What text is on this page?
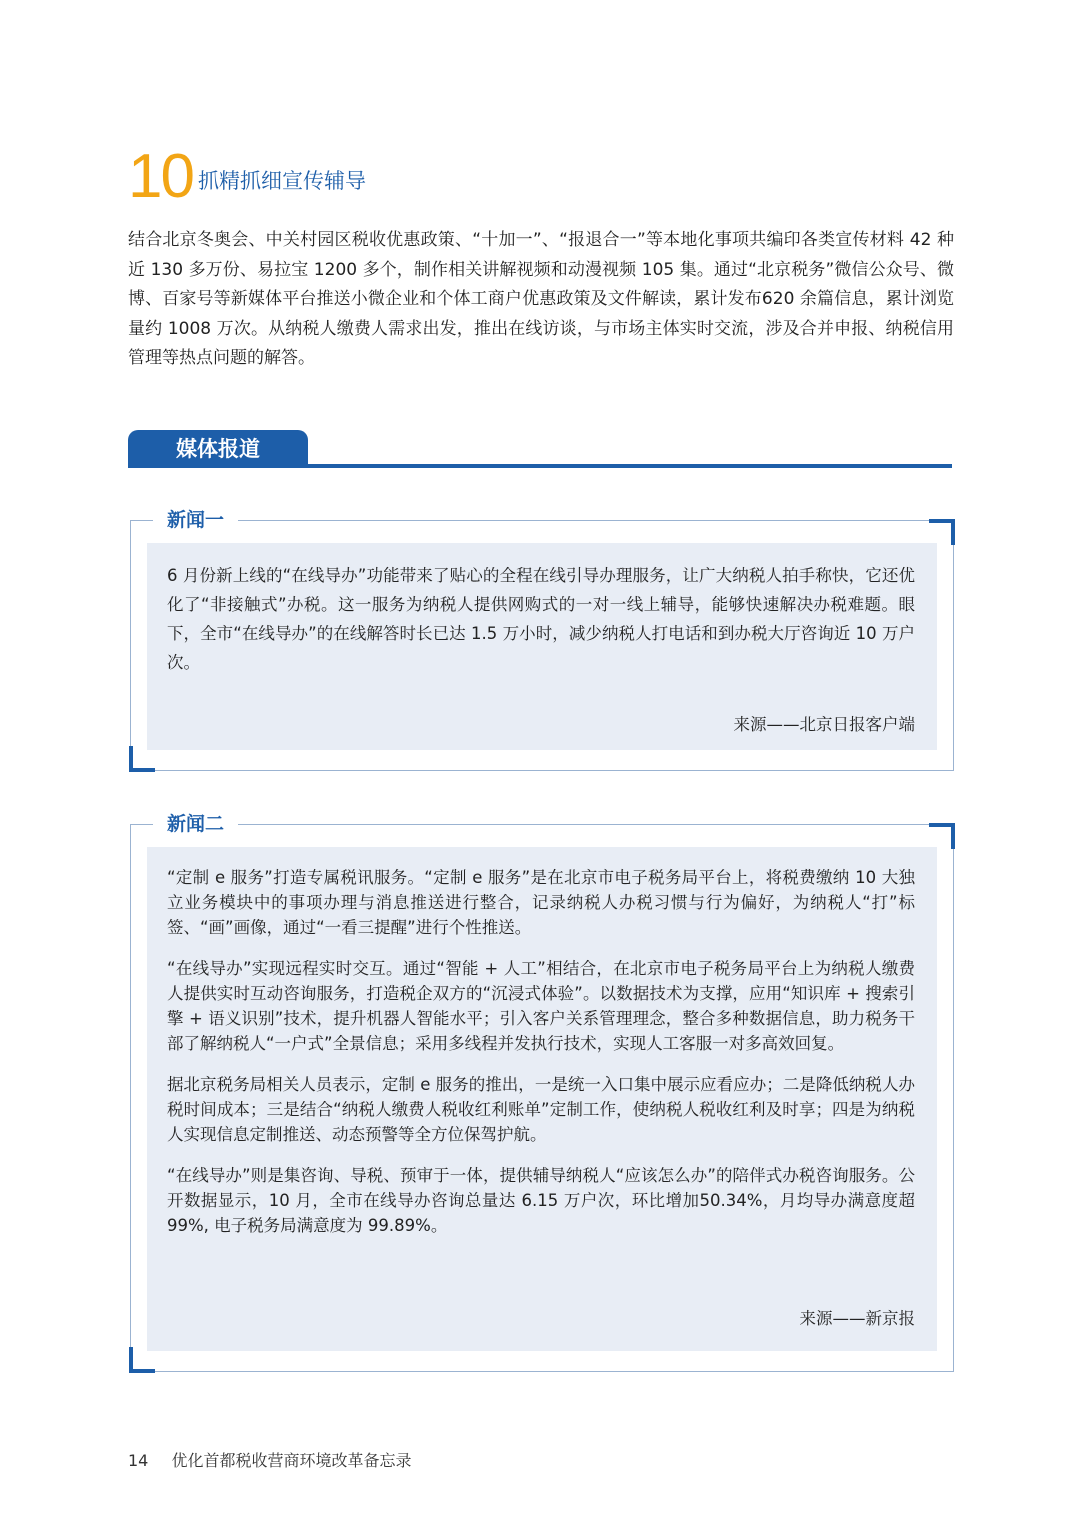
10 抓精抓细宣传辅导

结合北京冬奥会、中关村园区税收优惠政策、“十加一”、“报退合一”等本地化事项共编印各类宣传材料 42 种近 130 多万份、易拉宝 1200 多个，制作相关讲解视频和动漫视频 105 集。通过“北京税务”微信公众号、微博、百家号等新媒体平台推送小微企业和个体工商户优惠政策及文件解读，累计发布620 余篇信息，累计浏览量约 1008 万次。从纳税人缴费人需求出发，推出在线访谈，与市场主体实时交流，涉及合并申报、纳税信用管理等热点问题的解答。

媒体报道
新闻一

6 月份新上线的“在线导办”功能带来了贴心的全程在线引导办理服务，让广大纳税人拍手称快，它还优化了“非接触式”办税。这一服务为纳税人提供网购式的一对一线上辅导，能够快速解决办税难题。眼下，全市“在线导办”的在线解答时长已达 1.5 万小时，减少纳税人打电话和到办税大厅咨询近 10 万户次。

来源——北京日报客户端
新闻二

“定制 e 服务”打造专属税讯服务。“定制 e 服务”是在北京市电子税务局平台上，将税费缴纳 10 大独立业务模块中的事项办理与消息推送进行整合，记录纳税人办税习惯与行为偏好，为纳税人“打”标签、“画”画像，通过“一看三提醒”进行个性推送。

“在线导办”实现远程实时交互。通过“智能 + 人工”相结合，在北京市电子税务局平台上为纳税人缴费人提供实时互动咨询服务，打造税企双方的“沉浸式体验”。以数据技术为支撑，应用“知识库 + 搜索引擎 + 语义识别”技术，提升机器人智能水平；引入客户关系管理理念，整合多种数据信息，助力税务干部了解纳税人“一户式”全景信息；采用多线程并发执行技术，实现人工客服一对多高效回复。

据北京税务局相关人员表示，定制 e 服务的推出，一是统一入口集中展示应看应办；二是降低纳税人办税时间成本；三是结合“纳税人缴费人税收红利账单”定制工作，使纳税人税收红利及时享；四是为纳税人实现信息定制推送、动态预警等全方位保驾护航。

“在线导办”则是集咨询、导税、预审于一体，提供辅导纳税人“应该怎么办”的陪伴式办税咨询服务。公开数据显示，10 月，全市在线导办咨询总量达 6.15 万户次，环比增加50.34%，月均导办满意度超 99%, 电子税务局满意度为 99.89%。

来源——新京报
14 优化首都税收营商环境改革备忘录
